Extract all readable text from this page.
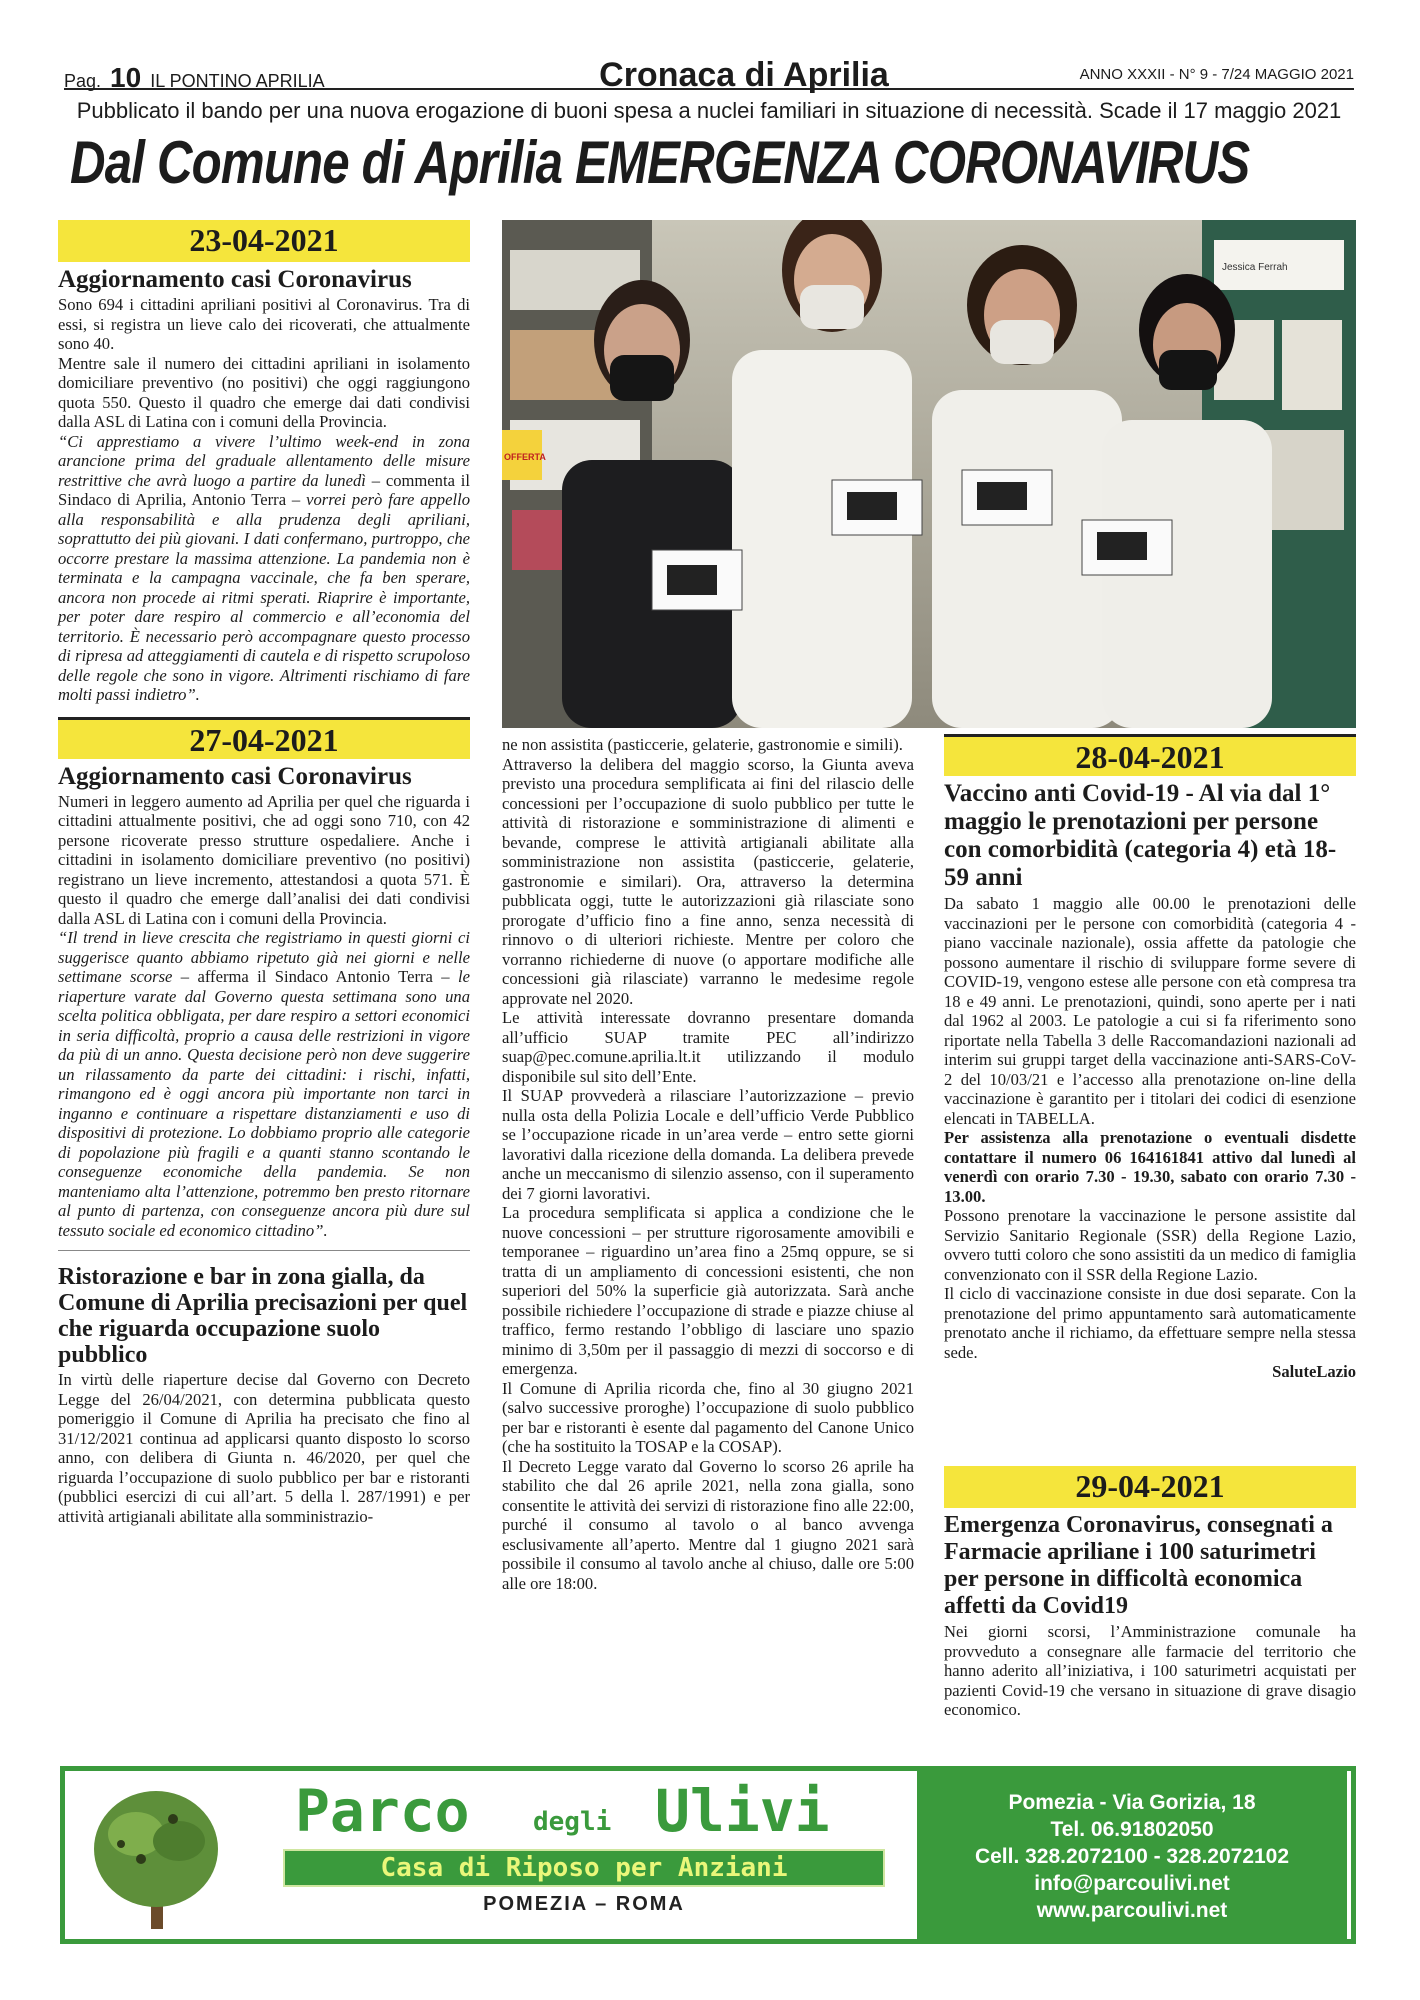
Pag. 10 IL PONTINO APRILIA	Cronaca di Aprilia	ANNO XXXII - N° 9 - 7/24 MAGGIO 2021
Pubblicato il bando per una nuova erogazione di buoni spesa a nuclei familiari in situazione di necessità. Scade il 17 maggio 2021
Dal Comune di Aprilia EMERGENZA CORONAVIRUS
23-04-2021
Aggiornamento casi Coronavirus

Sono 694 i cittadini apriliani positivi al Coronavirus. Tra di essi, si registra un lieve calo dei ricoverati, che attualmente sono 40.

Mentre sale il numero dei cittadini apriliani in isolamento domiciliare preventivo (no positivi) che oggi raggiungono quota 550. Questo il quadro che emerge dai dati condivisi dalla ASL di Latina con i comuni della Provincia.

“Ci apprestiamo a vivere l’ultimo week-end in zona arancione prima del graduale allentamento delle misure restrittive che avrà luogo a partire da lunedì – commenta il Sindaco di Aprilia, Antonio Terra – vorrei però fare appello alla responsabilità e alla prudenza degli apriliani, soprattutto dei più giovani. I dati confermano, purtroppo, che occorre prestare la massima attenzione. La pandemia non è terminata e la campagna vaccinale, che fa ben sperare, ancora non procede ai ritmi sperati. Riaprire è importante, per poter dare respiro al commercio e all’economia del territorio. È necessario però accompagnare questo processo di ripresa ad atteggiamenti di cautela e di rispetto scrupoloso delle regole che sono in vigore. Altrimenti rischiamo di fare molti passi indietro”.

27-04-2021
Aggiornamento casi Coronavirus

Numeri in leggero aumento ad Aprilia per quel che riguarda i cittadini attualmente positivi, che ad oggi sono 710, con 42 persone ricoverate presso strutture ospedaliere. Anche i cittadini in isolamento domiciliare preventivo (no positivi) registrano un lieve incremento, attestandosi a quota 571. È questo il quadro che emerge dall’analisi dei dati condivisi dalla ASL di Latina con i comuni della Provincia.

“Il trend in lieve crescita che registriamo in questi giorni ci suggerisce quanto abbiamo ripetuto già nei giorni e nelle settimane scorse – afferma il Sindaco Antonio Terra – le riaperture varate dal Governo questa settimana sono una scelta politica obbligata, per dare respiro a settori economici in seria difficoltà, proprio a causa delle restrizioni in vigore da più di un anno. Questa decisione però non deve suggerire un rilassamento da parte dei cittadini: i rischi, infatti, rimangono ed è oggi ancora più importante non tarci in inganno e continuare a rispettare distanziamenti e uso di dispositivi di protezione. Lo dobbiamo proprio alle categorie di popolazione più fragili e a quanti stanno scontando le conseguenze economiche della pandemia. Se non manteniamo alta l’attenzione, potremmo ben presto ritornare al punto di partenza, con conseguenze ancora più dure sul tessuto sociale ed economico cittadino”.

Ristorazione e bar in zona gialla, da Comune di Aprilia precisazioni per quel che riguarda occupazione suolo pubblico

In virtù delle riaperture decise dal Governo con Decreto Legge del 26/04/2021, con determina pubblicata questo pomeriggio il Comune di Aprilia ha precisato che fino al 31/12/2021 continua ad applicarsi quanto disposto lo scorso anno, con delibera di Giunta n. 46/2020, per quel che riguarda l’occupazione di suolo pubblico per bar e ristoranti (pubblici esercizi di cui all’art. 5 della l. 287/1991) e per attività artigianali abilitate alla somministrazio-

Jessica Ferrah
OFFERTA

ne non assistita (pasticcerie, gelaterie, gastronomie e simili).

Attraverso la delibera del maggio scorso, la Giunta aveva previsto una procedura semplificata ai fini del rilascio delle concessioni per l’occupazione di suolo pubblico per tutte le attività di ristorazione e somministrazione di alimenti e bevande, comprese le attività artigianali abilitate alla somministrazione non assistita (pasticcerie, gelaterie, gastronomie e similari). Ora, attraverso la determina pubblicata oggi, tutte le autorizzazioni già rilasciate sono prorogate d’ufficio fino a fine anno, senza necessità di rinnovo o di ulteriori richieste. Mentre per coloro che vorranno richiederne di nuove (o apportare modifiche alle concessioni già rilasciate) varranno le medesime regole approvate nel 2020.

Le attività interessate dovranno presentare domanda all’ufficio SUAP tramite PEC all’indirizzo suap@pec.comune.aprilia.lt.it utilizzando il modulo disponibile sul sito dell’Ente.

Il SUAP provvederà a rilasciare l’autorizzazione – previo nulla osta della Polizia Locale e dell’ufficio Verde Pubblico se l’occupazione ricade in un’area verde – entro sette giorni lavorativi dalla ricezione della domanda. La delibera prevede anche un meccanismo di silenzio assenso, con il superamento dei 7 giorni lavorativi.

La procedura semplificata si applica a condizione che le nuove concessioni – per strutture rigorosamente amovibili e temporanee – riguardino un’area fino a 25mq oppure, se si tratta di un ampliamento di concessioni esistenti, che non superiori del 50% la superficie già autorizzata. Sarà anche possibile richiedere l’occupazione di strade e piazze chiuse al traffico, fermo restando l’obbligo di lasciare uno spazio minimo di 3,50m per il passaggio di mezzi di soccorso e di emergenza.

Il Comune di Aprilia ricorda che, fino al 30 giugno 2021 (salvo successive proroghe) l’occupazione di suolo pubblico per bar e ristoranti è esente dal pagamento del Canone Unico (che ha sostituito la TOSAP e la COSAP).

Il Decreto Legge varato dal Governo lo scorso 26 aprile ha stabilito che dal 26 aprile 2021, nella zona gialla, sono consentite le attività dei servizi di ristorazione fino alle 22:00, purché il consumo al tavolo o al banco avvenga esclusivamente all’aperto. Mentre dal 1 giugno 2021 sarà possibile il consumo al tavolo anche al chiuso, dalle ore 5:00 alle ore 18:00.

28-04-2021
Vaccino anti Covid-19 - Al via dal 1° maggio le prenotazioni per persone con comorbidità (categoria 4) età 18-59 anni

Da sabato 1 maggio alle 00.00 le prenotazioni delle vaccinazioni per le persone con comorbidità (categoria 4 - piano vaccinale nazionale), ossia affette da patologie che possono aumentare il rischio di sviluppare forme severe di COVID-19, vengono estese alle persone con età compresa tra 18 e 49 anni. Le prenotazioni, quindi, sono aperte per i nati dal 1962 al 2003. Le patologie a cui si fa riferimento sono riportate nella Tabella 3 delle Raccomandazioni nazionali ad interim sui gruppi target della vaccinazione anti-SARS-CoV-2 del 10/03/21 e l’accesso alla prenotazione on-line della vaccinazione è garantito per i titolari dei codici di esenzione elencati in TABELLA.

Per assistenza alla prenotazione o eventuali disdette contattare il numero 06 164161841 attivo dal lunedì al venerdì con orario 7.30 - 19.30, sabato con orario 7.30 - 13.00.

Possono prenotare la vaccinazione le persone assistite dal Servizio Sanitario Regionale (SSR) della Regione Lazio, ovvero tutti coloro che sono assistiti da un medico di famiglia convenzionato con il SSR della Regione Lazio.

Il ciclo di vaccinazione consiste in due dosi separate. Con la prenotazione del primo appuntamento sarà automaticamente prenotato anche il richiamo, da effettuare sempre nella stessa sede.

SaluteLazio

29-04-2021
Emergenza Coronavirus, consegnati a Farmacie apriliane i 100 saturimetri per persone in difficoltà economica affetti da Covid19

Nei giorni scorsi, l’Amministrazione comunale ha provveduto a consegnare alle farmacie del territorio che hanno aderito all’iniziativa, i 100 saturimetri acquistati per pazienti Covid-19 che versano in situazione di grave disagio economico.

Parco degli Ulivi
Casa di Riposo per Anziani
POMEZIA – ROMA
Pomezia - Via Gorizia, 18
Tel. 06.91802050
Cell. 328.2072100 - 328.2072102
info@parcoulivi.net
www.parcoulivi.net
